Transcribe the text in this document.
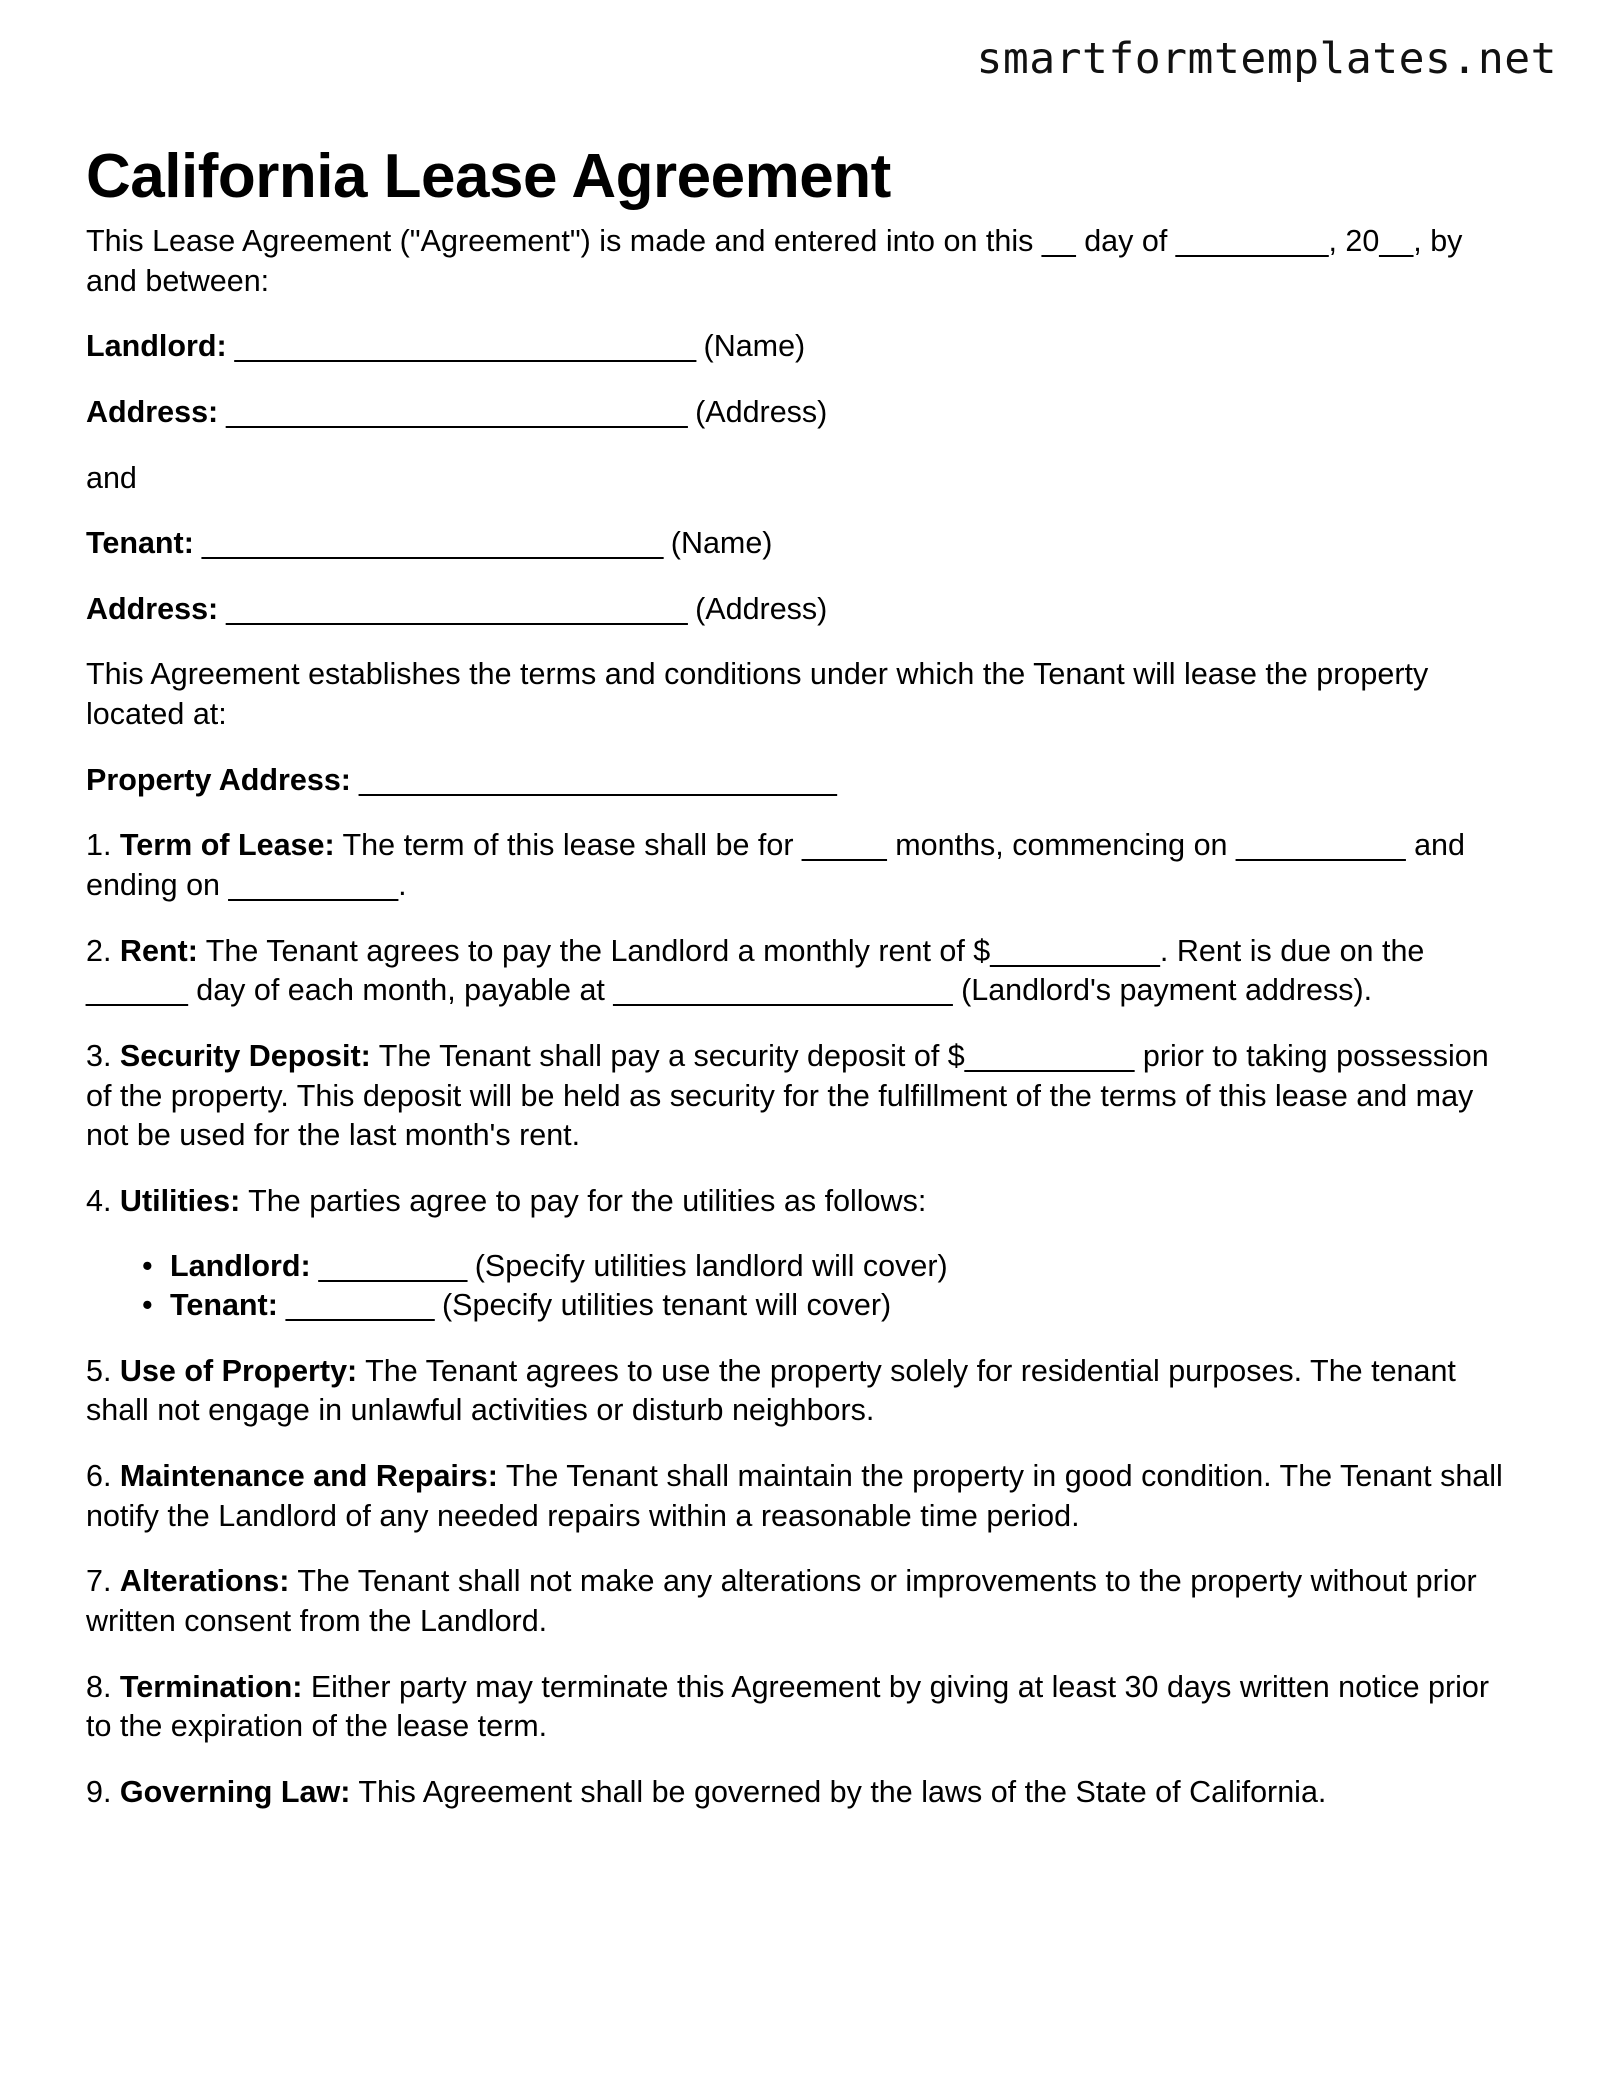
smartformtemplates.net
California Lease Agreement

This Lease Agreement ("Agreement") is made and entered into on this __ day of _________, 20__, by and between:

Landlord: ____________________________ (Name)

Address: ____________________________ (Address)

and

Tenant: ____________________________ (Name)

Address: ____________________________ (Address)

This Agreement establishes the terms and conditions under which the Tenant will lease the property located at:

Property Address: _____________________________

1. Term of Lease: The term of this lease shall be for _____ months, commencing on __________ and ending on __________.

2. Rent: The Tenant agrees to pay the Landlord a monthly rent of $__________. Rent is due on the ______ day of each month, payable at ____________________ (Landlord's payment address).

3. Security Deposit: The Tenant shall pay a security deposit of $__________ prior to taking possession of the property. This deposit will be held as security for the fulfillment of the terms of this lease and may not be used for the last month's rent.

4. Utilities: The parties agree to pay for the utilities as follows:

• Landlord: _________ (Specify utilities landlord will cover)
• Tenant: _________ (Specify utilities tenant will cover)

5. Use of Property: The Tenant agrees to use the property solely for residential purposes. The tenant shall not engage in unlawful activities or disturb neighbors.

6. Maintenance and Repairs: The Tenant shall maintain the property in good condition. The Tenant shall notify the Landlord of any needed repairs within a reasonable time period.

7. Alterations: The Tenant shall not make any alterations or improvements to the property without prior written consent from the Landlord.

8. Termination: Either party may terminate this Agreement by giving at least 30 days written notice prior to the expiration of the lease term.

9. Governing Law: This Agreement shall be governed by the laws of the State of California.
